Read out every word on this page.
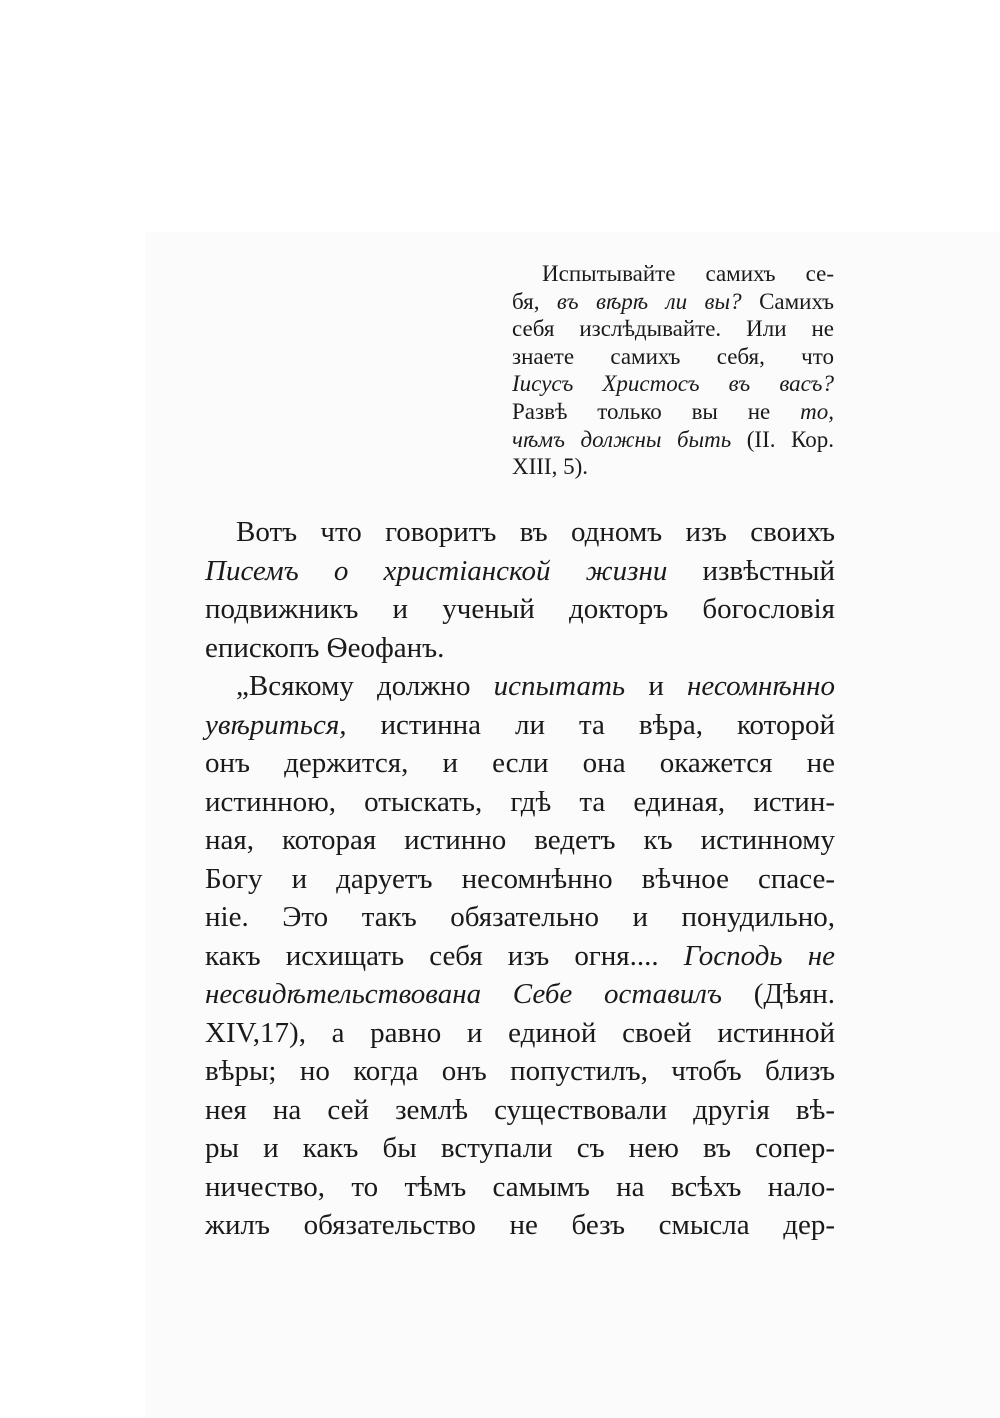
Испытывайте самихъ се-
бя, въ вѣрѣ ли вы? Самихъ
себя изслѣдывайте. Или не
знаете самихъ себя, что
Іисусъ Христосъ въ васъ?
Развѣ только вы не то,
чѣмъ должны быть (II. Кор.
XIII, 5).
Вотъ что говоритъ въ одномъ изъ своихъ
Писемъ о христіанской жизни извѣстный
подвижникъ и ученый докторъ богословія
епископъ Ѳеофанъ.
„Всякому должно испытать и несомнѣнно
увѣриться, истинна ли та вѣра, которой
онъ держится, и если она окажется не
истинною, отыскать, гдѣ та единая, истин-
ная, которая истинно ведетъ къ истинному
Богу и даруетъ несомнѣнно вѣчное спасе-
ніе. Это такъ обязательно и понудильно,
какъ исхищать себя изъ огня.... Господь не
несвидѣтельствована Себе оставилъ (Дѣян.
XIV,17), а равно и единой своей истинной
вѣры; но когда онъ попустилъ, чтобъ близъ
нея на сей землѣ существовали другія вѣ-
ры и какъ бы вступали съ нею въ сопер-
ничество, то тѣмъ самымъ на всѣхъ нало-
жилъ обязательство не безъ смысла дер-
